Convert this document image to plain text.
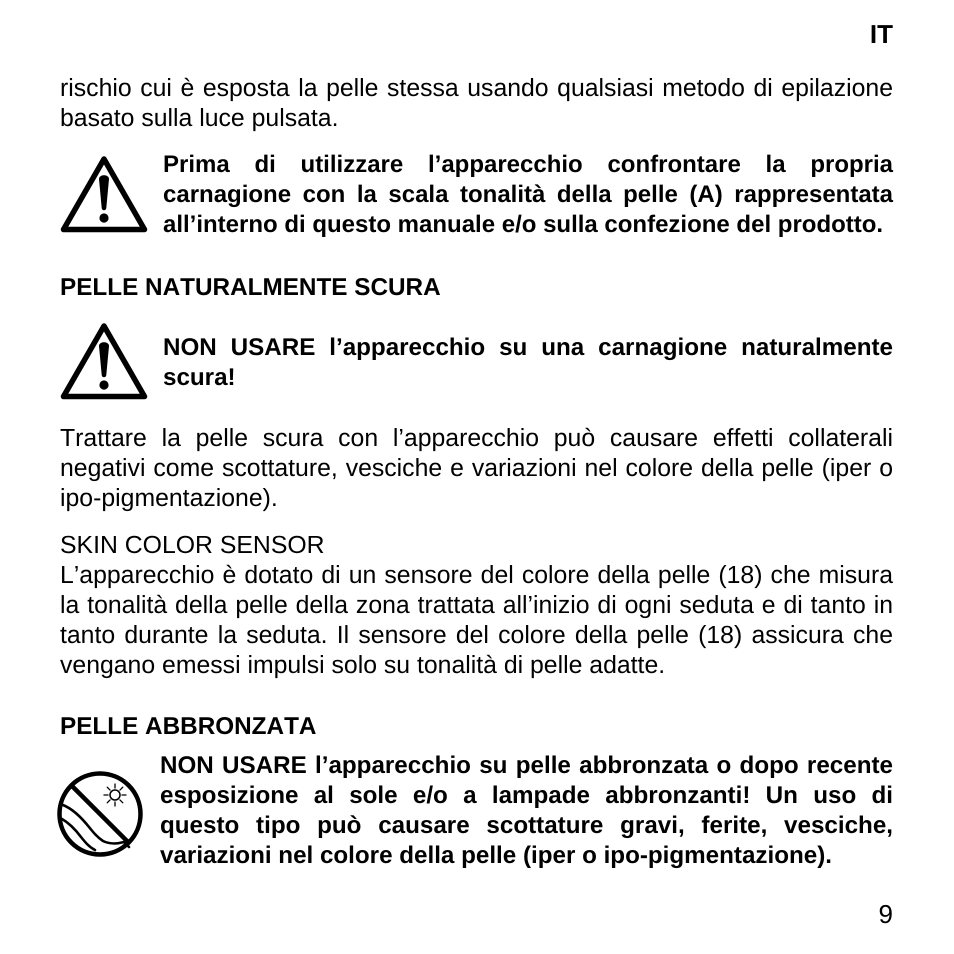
IT

rischio cui è esposta la pelle stessa usando qualsiasi metodo di epilazione basato sulla luce pulsata.

Prima di utilizzare l’apparecchio confrontare la propria carnagione con la scala tonalità della pelle (A) rappresentata all’interno di questo manuale e/o sulla confezione del prodotto.

PELLE NATURALMENTE SCURA

NON USARE l’apparecchio su una carnagione naturalmente scura!

Trattare la pelle scura con l’apparecchio può causare effetti collaterali negativi come scottature, vesciche e variazioni nel colore della pelle (iper o ipo-pigmentazione).

SKIN COLOR SENSOR

L’apparecchio è dotato di un sensore del colore della pelle (18) che misura la tonalità della pelle della zona trattata all’inizio di ogni seduta e di tanto in tanto durante la seduta. Il sensore del colore della pelle (18) assicura che vengano emessi impulsi solo su tonalità di pelle adatte.

PELLE ABBRONZATA

NON USARE l’apparecchio su pelle abbronzata o dopo recente esposizione al sole e/o a lampade abbronzanti! Un uso di questo tipo può causare scottature gravi, ferite, vesciche, variazioni nel colore della pelle (iper o ipo-pigmentazione).

9
